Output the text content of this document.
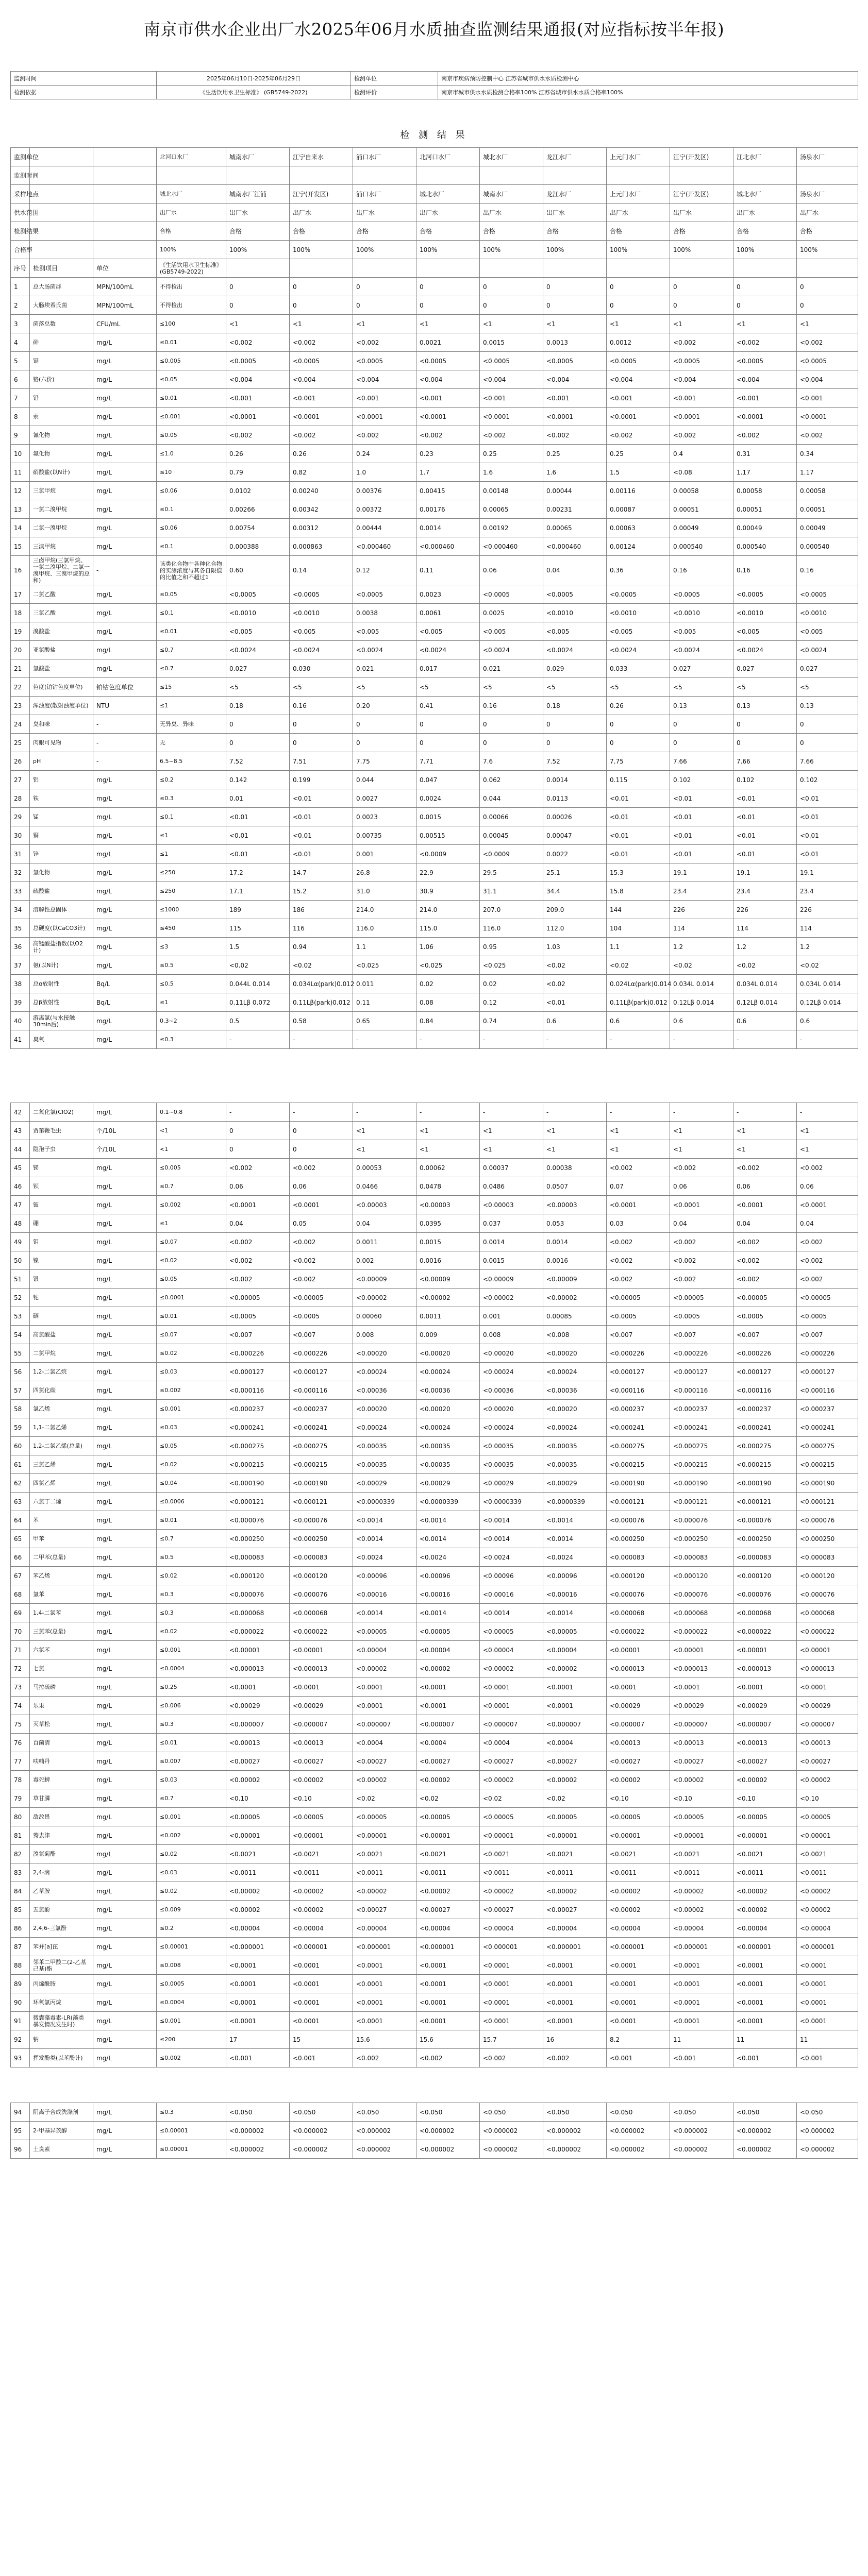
南京市供水企业出厂水2025年06月水质抽查监测结果通报(对应指标按半年报)
监测时间	2025年06月10日-2025年06月29日	检测单位	南京市疾病预防控制中心 江苏省城市供水水质检测中心
检测依据	《生活饮用水卫生标准》 (GB5749-2022)	检测评价	南京市城市供水水质检测合格率100% 江苏省城市供水水质合格率100%
检 测 结 果
监测单位			北河口水厂	城南水厂	江宁自来水	浦口水厂	北河口水厂	城北水厂	龙江水厂	上元门水厂	江宁(开发区)	江北水厂	汤泉水厂
监测时间													
采样地点			城北水厂	城南水厂江浦	江宁(开发区)	浦口水厂	城北水厂	城南水厂	龙江水厂	上元门水厂	江宁(开发区)	城北水厂	汤泉水厂
供水范围			出厂水	出厂水	出厂水	出厂水	出厂水	出厂水	出厂水	出厂水	出厂水	出厂水	出厂水
检测结果			合格	合格	合格	合格	合格	合格	合格	合格	合格	合格	合格
合格率			100%	100%	100%	100%	100%	100%	100%	100%	100%	100%	100%
序号	检测项目	单位	《生活饮用水卫生标准》(GB5749-2022)										
1	总大肠菌群	MPN/100mL	不得检出	0	0	0	0	0	0	0	0	0	0
2	大肠埃希氏菌	MPN/100mL	不得检出	0	0	0	0	0	0	0	0	0	0
3	菌落总数	CFU/mL	≤100	<1	<1	<1	<1	<1	<1	<1	<1	<1	<1
4	砷	mg/L	≤0.01	<0.002	<0.002	<0.002	0.0021	0.0015	0.0013	0.0012	<0.002	<0.002	<0.002
5	镉	mg/L	≤0.005	<0.0005	<0.0005	<0.0005	<0.0005	<0.0005	<0.0005	<0.0005	<0.0005	<0.0005	<0.0005
6	铬(六价)	mg/L	≤0.05	<0.004	<0.004	<0.004	<0.004	<0.004	<0.004	<0.004	<0.004	<0.004	<0.004
7	铅	mg/L	≤0.01	<0.001	<0.001	<0.001	<0.001	<0.001	<0.001	<0.001	<0.001	<0.001	<0.001
8	汞	mg/L	≤0.001	<0.0001	<0.0001	<0.0001	<0.0001	<0.0001	<0.0001	<0.0001	<0.0001	<0.0001	<0.0001
9	氰化物	mg/L	≤0.05	<0.002	<0.002	<0.002	<0.002	<0.002	<0.002	<0.002	<0.002	<0.002	<0.002
10	氟化物	mg/L	≤1.0	0.26	0.26	0.24	0.23	0.25	0.25	0.25	0.4	0.31	0.34
11	硝酸盐(以N计)	mg/L	≤10	0.79	0.82	1.0	1.7	1.6	1.6	1.5	<0.08	1.17	1.17
12	三氯甲烷	mg/L	≤0.06	0.0102	0.00240	0.00376	0.00415	0.00148	0.00044	0.00116	0.00058	0.00058	0.00058
13	一氯二溴甲烷	mg/L	≤0.1	0.00266	0.00342	0.00372	0.00176	0.00065	0.00231	0.00087	0.00051	0.00051	0.00051
14	二氯一溴甲烷	mg/L	≤0.06	0.00754	0.00312	0.00444	0.0014	0.00192	0.00065	0.00063	0.00049	0.00049	0.00049
15	三溴甲烷	mg/L	≤0.1	0.000388	0.000863	<0.000460	<0.000460	<0.000460	<0.000460	0.00124	0.000540	0.000540	0.000540
16	三卤甲烷(三氯甲烷、一氯二溴甲烷、二氯一溴甲烷、三溴甲烷的总和)	-	该类化合物中各种化合物的实测浓度与其各自限值的比值之和不超过1	0.60	0.14	0.12	0.11	0.06	0.04	0.36	0.16	0.16	0.16
17	二氯乙酸	mg/L	≤0.05	<0.0005	<0.0005	<0.0005	0.0023	<0.0005	<0.0005	<0.0005	<0.0005	<0.0005	<0.0005
18	三氯乙酸	mg/L	≤0.1	<0.0010	<0.0010	0.0038	0.0061	0.0025	<0.0010	<0.0010	<0.0010	<0.0010	<0.0010
19	溴酸盐	mg/L	≤0.01	<0.005	<0.005	<0.005	<0.005	<0.005	<0.005	<0.005	<0.005	<0.005	<0.005
20	亚氯酸盐	mg/L	≤0.7	<0.0024	<0.0024	<0.0024	<0.0024	<0.0024	<0.0024	<0.0024	<0.0024	<0.0024	<0.0024
21	氯酸盐	mg/L	≤0.7	0.027	0.030	0.021	0.017	0.021	0.029	0.033	0.027	0.027	0.027
22	色度(铂钴色度单位)	铂钴色度单位	≤15	<5	<5	<5	<5	<5	<5	<5	<5	<5	<5
23	浑浊度(散射浊度单位)	NTU	≤1	0.18	0.16	0.20	0.41	0.16	0.18	0.26	0.13	0.13	0.13
24	臭和味	-	无异臭、异味	0	0	0	0	0	0	0	0	0	0
25	肉眼可见物	-	无	0	0	0	0	0	0	0	0	0	0
26	pH	-	6.5~8.5	7.52	7.51	7.75	7.71	7.6	7.52	7.75	7.66	7.66	7.66
27	铝	mg/L	≤0.2	0.142	0.199	0.044	0.047	0.062	0.0014	0.115	0.102	0.102	0.102
28	铁	mg/L	≤0.3	0.01	<0.01	0.0027	0.0024	0.044	0.0113	<0.01	<0.01	<0.01	<0.01
29	锰	mg/L	≤0.1	<0.01	<0.01	0.0023	0.0015	0.00066	0.00026	<0.01	<0.01	<0.01	<0.01
30	铜	mg/L	≤1	<0.01	<0.01	0.00735	0.00515	0.00045	0.00047	<0.01	<0.01	<0.01	<0.01
31	锌	mg/L	≤1	<0.01	<0.01	0.001	<0.0009	<0.0009	0.0022	<0.01	<0.01	<0.01	<0.01
32	氯化物	mg/L	≤250	17.2	14.7	26.8	22.9	29.5	25.1	15.3	19.1	19.1	19.1
33	硫酸盐	mg/L	≤250	17.1	15.2	31.0	30.9	31.1	34.4	15.8	23.4	23.4	23.4
34	溶解性总固体	mg/L	≤1000	189	186	214.0	214.0	207.0	209.0	144	226	226	226
35	总硬度(以CaCO3计)	mg/L	≤450	115	116	116.0	115.0	116.0	112.0	104	114	114	114
36	高锰酸盐指数(以O2计)	mg/L	≤3	1.5	0.94	1.1	1.06	0.95	1.03	1.1	1.2	1.2	1.2
37	氨(以N计)	mg/L	≤0.5	<0.02	<0.02	<0.025	<0.025	<0.025	<0.02	<0.02	<0.02	<0.02	<0.02
38	总α放射性	Bq/L	≤0.5	0.044L 0.014	0.034Lα(park)0.012	0.011	0.02	0.02	<0.02	0.024Lα(park)0.014	0.034L 0.014	0.034L 0.014	0.034L 0.014
39	总β放射性	Bq/L	≤1	0.11Lβ 0.072	0.11Lβ(park)0.012	0.11	0.08	0.12	<0.01	0.11Lβ(park)0.012	0.12Lβ 0.014	0.12Lβ 0.014	0.12Lβ 0.014
40	游离氯(与水接触30min后)	mg/L	0.3~2	0.5	0.58	0.65	0.84	0.74	0.6	0.6	0.6	0.6	0.6
41	臭氧	mg/L	≤0.3	-	-	-	-	-	-	-	-	-	-

42	二氧化氯(ClO2)	mg/L	0.1~0.8	-	-	-	-	-	-	-	-	-	-
43	贾第鞭毛虫	个/10L	<1	0	0	<1	<1	<1	<1	<1	<1	<1	<1
44	隐孢子虫	个/10L	<1	0	0	<1	<1	<1	<1	<1	<1	<1	<1
45	锑	mg/L	≤0.005	<0.002	<0.002	0.00053	0.00062	0.00037	0.00038	<0.002	<0.002	<0.002	<0.002
46	钡	mg/L	≤0.7	0.06	0.06	0.0466	0.0478	0.0486	0.0507	0.07	0.06	0.06	0.06
47	铍	mg/L	≤0.002	<0.0001	<0.0001	<0.00003	<0.00003	<0.00003	<0.00003	<0.0001	<0.0001	<0.0001	<0.0001
48	硼	mg/L	≤1	0.04	0.05	0.04	0.0395	0.037	0.053	0.03	0.04	0.04	0.04
49	钼	mg/L	≤0.07	<0.002	<0.002	0.0011	0.0015	0.0014	0.0014	<0.002	<0.002	<0.002	<0.002
50	镍	mg/L	≤0.02	<0.002	<0.002	0.002	0.0016	0.0015	0.0016	<0.002	<0.002	<0.002	<0.002
51	银	mg/L	≤0.05	<0.002	<0.002	<0.00009	<0.00009	<0.00009	<0.00009	<0.002	<0.002	<0.002	<0.002
52	铊	mg/L	≤0.0001	<0.00005	<0.00005	<0.00002	<0.00002	<0.00002	<0.00002	<0.00005	<0.00005	<0.00005	<0.00005
53	硒	mg/L	≤0.01	<0.0005	<0.0005	0.00060	0.0011	0.001	0.00085	<0.0005	<0.0005	<0.0005	<0.0005
54	高氯酸盐	mg/L	≤0.07	<0.007	<0.007	0.008	0.009	0.008	<0.008	<0.007	<0.007	<0.007	<0.007
55	二氯甲烷	mg/L	≤0.02	<0.000226	<0.000226	<0.00020	<0.00020	<0.00020	<0.00020	<0.000226	<0.000226	<0.000226	<0.000226
56	1,2-二氯乙烷	mg/L	≤0.03	<0.000127	<0.000127	<0.00024	<0.00024	<0.00024	<0.00024	<0.000127	<0.000127	<0.000127	<0.000127
57	四氯化碳	mg/L	≤0.002	<0.000116	<0.000116	<0.00036	<0.00036	<0.00036	<0.00036	<0.000116	<0.000116	<0.000116	<0.000116
58	氯乙烯	mg/L	≤0.001	<0.000237	<0.000237	<0.00020	<0.00020	<0.00020	<0.00020	<0.000237	<0.000237	<0.000237	<0.000237
59	1,1-二氯乙烯	mg/L	≤0.03	<0.000241	<0.000241	<0.00024	<0.00024	<0.00024	<0.00024	<0.000241	<0.000241	<0.000241	<0.000241
60	1,2-二氯乙烯(总量)	mg/L	≤0.05	<0.000275	<0.000275	<0.00035	<0.00035	<0.00035	<0.00035	<0.000275	<0.000275	<0.000275	<0.000275
61	三氯乙烯	mg/L	≤0.02	<0.000215	<0.000215	<0.00035	<0.00035	<0.00035	<0.00035	<0.000215	<0.000215	<0.000215	<0.000215
62	四氯乙烯	mg/L	≤0.04	<0.000190	<0.000190	<0.00029	<0.00029	<0.00029	<0.00029	<0.000190	<0.000190	<0.000190	<0.000190
63	六氯丁二烯	mg/L	≤0.0006	<0.000121	<0.000121	<0.0000339	<0.0000339	<0.0000339	<0.0000339	<0.000121	<0.000121	<0.000121	<0.000121
64	苯	mg/L	≤0.01	<0.000076	<0.000076	<0.0014	<0.0014	<0.0014	<0.0014	<0.000076	<0.000076	<0.000076	<0.000076
65	甲苯	mg/L	≤0.7	<0.000250	<0.000250	<0.0014	<0.0014	<0.0014	<0.0014	<0.000250	<0.000250	<0.000250	<0.000250
66	二甲苯(总量)	mg/L	≤0.5	<0.000083	<0.000083	<0.0024	<0.0024	<0.0024	<0.0024	<0.000083	<0.000083	<0.000083	<0.000083
67	苯乙烯	mg/L	≤0.02	<0.000120	<0.000120	<0.00096	<0.00096	<0.00096	<0.00096	<0.000120	<0.000120	<0.000120	<0.000120
68	氯苯	mg/L	≤0.3	<0.000076	<0.000076	<0.00016	<0.00016	<0.00016	<0.00016	<0.000076	<0.000076	<0.000076	<0.000076
69	1,4-二氯苯	mg/L	≤0.3	<0.000068	<0.000068	<0.0014	<0.0014	<0.0014	<0.0014	<0.000068	<0.000068	<0.000068	<0.000068
70	三氯苯(总量)	mg/L	≤0.02	<0.000022	<0.000022	<0.00005	<0.00005	<0.00005	<0.00005	<0.000022	<0.000022	<0.000022	<0.000022
71	六氯苯	mg/L	≤0.001	<0.00001	<0.00001	<0.00004	<0.00004	<0.00004	<0.00004	<0.00001	<0.00001	<0.00001	<0.00001
72	七氯	mg/L	≤0.0004	<0.000013	<0.000013	<0.00002	<0.00002	<0.00002	<0.00002	<0.000013	<0.000013	<0.000013	<0.000013
73	马拉硫磷	mg/L	≤0.25	<0.0001	<0.0001	<0.0001	<0.0001	<0.0001	<0.0001	<0.0001	<0.0001	<0.0001	<0.0001
74	乐果	mg/L	≤0.006	<0.00029	<0.00029	<0.0001	<0.0001	<0.0001	<0.0001	<0.00029	<0.00029	<0.00029	<0.00029
75	灭草松	mg/L	≤0.3	<0.000007	<0.000007	<0.000007	<0.000007	<0.000007	<0.000007	<0.000007	<0.000007	<0.000007	<0.000007
76	百菌清	mg/L	≤0.01	<0.00013	<0.00013	<0.0004	<0.0004	<0.0004	<0.0004	<0.00013	<0.00013	<0.00013	<0.00013
77	呋喃丹	mg/L	≤0.007	<0.00027	<0.00027	<0.00027	<0.00027	<0.00027	<0.00027	<0.00027	<0.00027	<0.00027	<0.00027
78	毒死蜱	mg/L	≤0.03	<0.00002	<0.00002	<0.00002	<0.00002	<0.00002	<0.00002	<0.00002	<0.00002	<0.00002	<0.00002
79	草甘膦	mg/L	≤0.7	<0.10	<0.10	<0.02	<0.02	<0.02	<0.02	<0.10	<0.10	<0.10	<0.10
80	敌敌畏	mg/L	≤0.001	<0.00005	<0.00005	<0.00005	<0.00005	<0.00005	<0.00005	<0.00005	<0.00005	<0.00005	<0.00005
81	莠去津	mg/L	≤0.002	<0.00001	<0.00001	<0.00001	<0.00001	<0.00001	<0.00001	<0.00001	<0.00001	<0.00001	<0.00001
82	溴氰菊酯	mg/L	≤0.02	<0.0021	<0.0021	<0.0021	<0.0021	<0.0021	<0.0021	<0.0021	<0.0021	<0.0021	<0.0021
83	2,4-滴	mg/L	≤0.03	<0.0011	<0.0011	<0.0011	<0.0011	<0.0011	<0.0011	<0.0011	<0.0011	<0.0011	<0.0011
84	乙草胺	mg/L	≤0.02	<0.00002	<0.00002	<0.00002	<0.00002	<0.00002	<0.00002	<0.00002	<0.00002	<0.00002	<0.00002
85	五氯酚	mg/L	≤0.009	<0.00002	<0.00002	<0.00027	<0.00027	<0.00027	<0.00027	<0.00002	<0.00002	<0.00002	<0.00002
86	2,4,6-三氯酚	mg/L	≤0.2	<0.00004	<0.00004	<0.00004	<0.00004	<0.00004	<0.00004	<0.00004	<0.00004	<0.00004	<0.00004
87	苯并[a]芘	mg/L	≤0.00001	<0.000001	<0.000001	<0.000001	<0.000001	<0.000001	<0.000001	<0.000001	<0.000001	<0.000001	<0.000001
88	邻苯二甲酸二(2-乙基己基)酯	mg/L	≤0.008	<0.0001	<0.0001	<0.0001	<0.0001	<0.0001	<0.0001	<0.0001	<0.0001	<0.0001	<0.0001
89	丙烯酰胺	mg/L	≤0.0005	<0.0001	<0.0001	<0.0001	<0.0001	<0.0001	<0.0001	<0.0001	<0.0001	<0.0001	<0.0001
90	环氧氯丙烷	mg/L	≤0.0004	<0.0001	<0.0001	<0.0001	<0.0001	<0.0001	<0.0001	<0.0001	<0.0001	<0.0001	<0.0001
91	微囊藻毒素-LR(藻类暴发情况发生时)	mg/L	≤0.001	<0.0001	<0.0001	<0.0001	<0.0001	<0.0001	<0.0001	<0.0001	<0.0001	<0.0001	<0.0001
92	钠	mg/L	≤200	17	15	15.6	15.6	15.7	16	8.2	11	11	11
93	挥发酚类(以苯酚计)	mg/L	≤0.002	<0.001	<0.001	<0.002	<0.002	<0.002	<0.002	<0.001	<0.001	<0.001	<0.001

94	阴离子合成洗涤剂	mg/L	≤0.3	<0.050	<0.050	<0.050	<0.050	<0.050	<0.050	<0.050	<0.050	<0.050	<0.050
95	2-甲基异莰醇	mg/L	≤0.00001	<0.000002	<0.000002	<0.000002	<0.000002	<0.000002	<0.000002	<0.000002	<0.000002	<0.000002	<0.000002
96	土臭素	mg/L	≤0.00001	<0.000002	<0.000002	<0.000002	<0.000002	<0.000002	<0.000002	<0.000002	<0.000002	<0.000002	<0.000002
